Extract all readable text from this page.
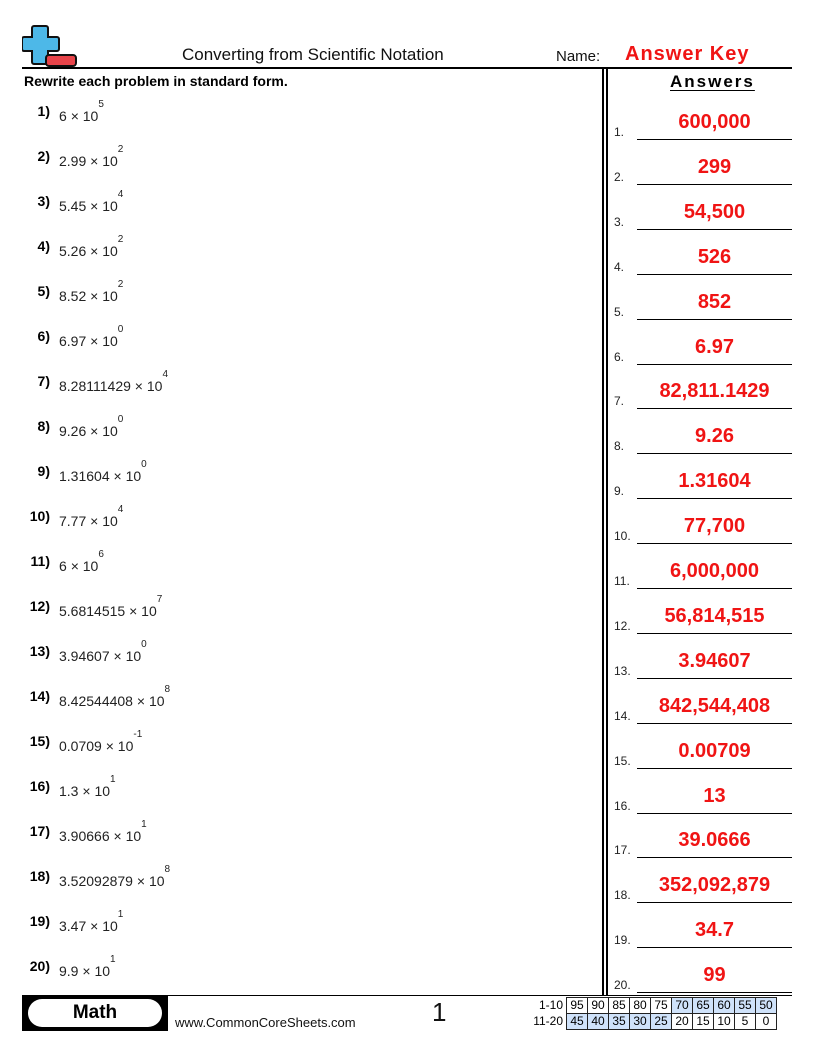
Converting from Scientific Notation	Name: Answer Key
Rewrite each problem in standard form.	Answers
1) $6 \times 10^5$
2) $2.99 \times 10^2$
3) $5.45 \times 10^4$
4) $5.26 \times 10^2$
5) $8.52 \times 10^2$
6) $6.97 \times 10^0$
7) $8.28111429 \times 10^4$
8) $9.26 \times 10^0$
9) $1.31604 \times 10^0$
10) $7.77 \times 10^4$
11) $6 \times 10^6$
12) $5.6814515 \times 10^7$
13) $3.94607 \times 10^0$
14) $8.42544408 \times 10^8$
15) $0.0709 \times 10^{-1}$
16) $1.3 \times 10^1$
17) $3.90666 \times 10^1$
18) $3.52092879 \times 10^8$
19) $3.47 \times 10^1$
20) $9.9 \times 10^1$
1.	600,000
2.	299
3.	54,500
4.	526
5.	852
6.	6.97
7.	82,811.1429
8.	9.26
9.	1.31604
10.	77,700
11.	6,000,000
12.	56,814,515
13.	3.94607
14.	842,544,408
15.	0.00709
16.	13
17.	39.0666
18.	352,092,879
19.	34.7
20.	99
Math	www.CommonCoreSheets.com	1	1-10	95	90	85	80	75	70	65	60	55	50
11-20	45	40	35	30	25	20	15	10	5	0
